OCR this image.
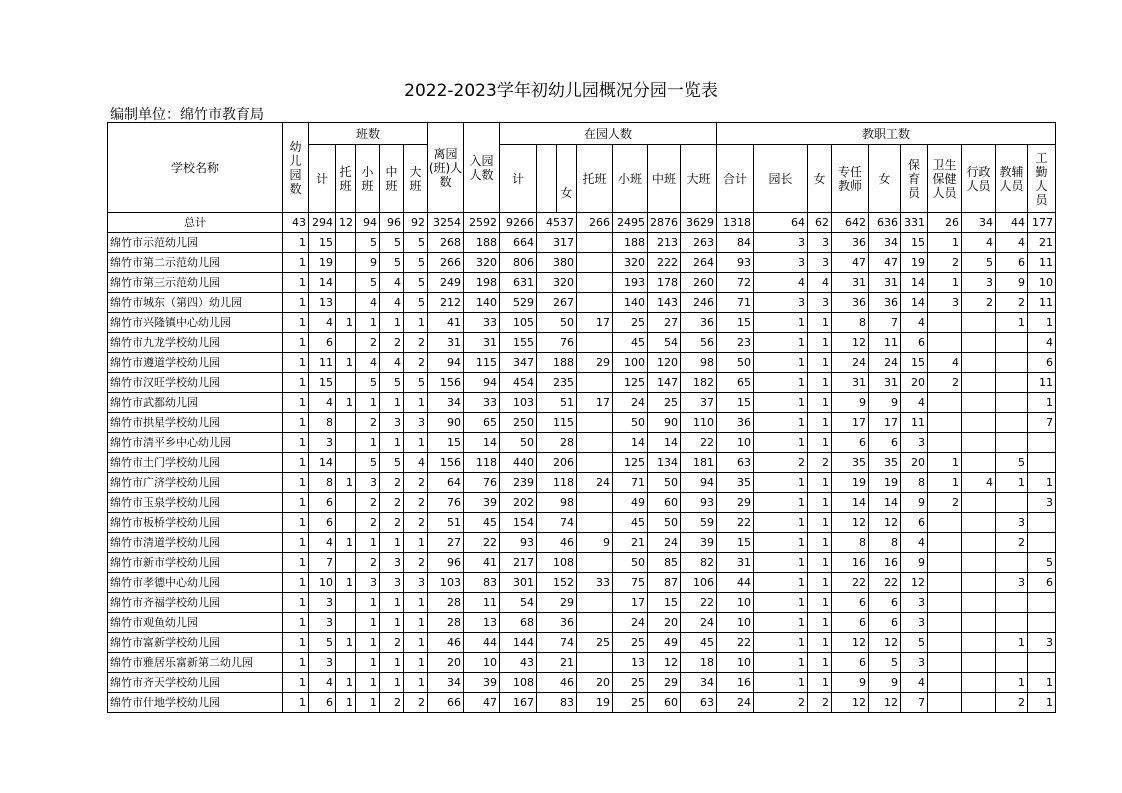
2022-2023学年初幼儿园概况分园一览表
编制单位：绵竹市教育局
学校名称	幼儿园数	班数					离园(班)人数	入园人数	在园人数						教职工数									
		计	托班	小班	中班	大班			计	女	托班	小班	中班	大班	合计	园长	女	专任教师	女	保育员	卫生保健人员	行政人员	教辅人员	工勤人员
总计	43	294	12	94	96	92	3254	2592	9266	4537	266	2495	2876	3629	1318	64	62	642	636	331	26	34	44	177
绵竹市示范幼儿园	1	15		5	5	5	268	188	664	317		188	213	263	84	3	3	36	34	15	1	4	4	21
绵竹市第二示范幼儿园	1	19		9	5	5	266	320	806	380		320	222	264	93	3	3	47	47	19	2	5	6	11
绵竹市第三示范幼儿园	1	14		5	4	5	249	198	631	320		193	178	260	72	4	4	31	31	14	1	3	9	10
绵竹市城东（第四）幼儿园	1	13		4	4	5	212	140	529	267		140	143	246	71	3	3	36	36	14	3	2	2	11
绵竹市兴隆镇中心幼儿园	1	4	1	1	1	1	41	33	105	50	17	25	27	36	15	1	1	8	7	4			1	1
绵竹市九龙学校幼儿园	1	6		2	2	2	31	31	155	76		45	54	56	23	1	1	12	11	6				4
绵竹市遵道学校幼儿园	1	11	1	4	4	2	94	115	347	188	29	100	120	98	50	1	1	24	24	15	4			6
绵竹市汉旺学校幼儿园	1	15		5	5	5	156	94	454	235		125	147	182	65	1	1	31	31	20	2			11
绵竹市武都幼儿园	1	4	1	1	1	1	34	33	103	51	17	24	25	37	15	1	1	9	9	4				1
绵竹市拱星学校幼儿园	1	8		2	3	3	90	65	250	115		50	90	110	36	1	1	17	17	11				7
绵竹市清平乡中心幼儿园	1	3		1	1	1	15	14	50	28		14	14	22	10	1	1	6	6	3				
绵竹市土门学校幼儿园	1	14		5	5	4	156	118	440	206		125	134	181	63	2	2	35	35	20	1		5	
绵竹市广济学校幼儿园	1	8	1	3	2	2	64	76	239	118	24	71	50	94	35	1	1	19	19	8	1	4	1	1
绵竹市玉泉学校幼儿园	1	6		2	2	2	76	39	202	98		49	60	93	29	1	1	14	14	9	2			3
绵竹市板桥学校幼儿园	1	6		2	2	2	51	45	154	74		45	50	59	22	1	1	12	12	6			3	
绵竹市清道学校幼儿园	1	4	1	1	1	1	27	22	93	46	9	21	24	39	15	1	1	8	8	4			2	
绵竹市新市学校幼儿园	1	7		2	3	2	96	41	217	108		50	85	82	31	1	1	16	16	9				5
绵竹市孝德中心幼儿园	1	10	1	3	3	3	103	83	301	152	33	75	87	106	44	1	1	22	22	12			3	6
绵竹市齐福学校幼儿园	1	3		1	1	1	28	11	54	29		17	15	22	10	1	1	6	6	3				
绵竹市观鱼幼儿园	1	3		1	1	1	28	13	68	36		24	20	24	10	1	1	6	6	3				
绵竹市富新学校幼儿园	1	5	1	1	2	1	46	44	144	74	25	25	49	45	22	1	1	12	12	5			1	3
绵竹市雅居乐富新第二幼儿园	1	3		1	1	1	20	10	43	21		13	12	18	10	1	1	6	5	3				
绵竹市齐天学校幼儿园	1	4	1	1	1	1	34	39	108	46	20	25	29	34	16	1	1	9	9	4			1	1
绵竹市什地学校幼儿园	1	6	1	1	2	2	66	47	167	83	19	25	60	63	24	2	2	12	12	7			2	1
